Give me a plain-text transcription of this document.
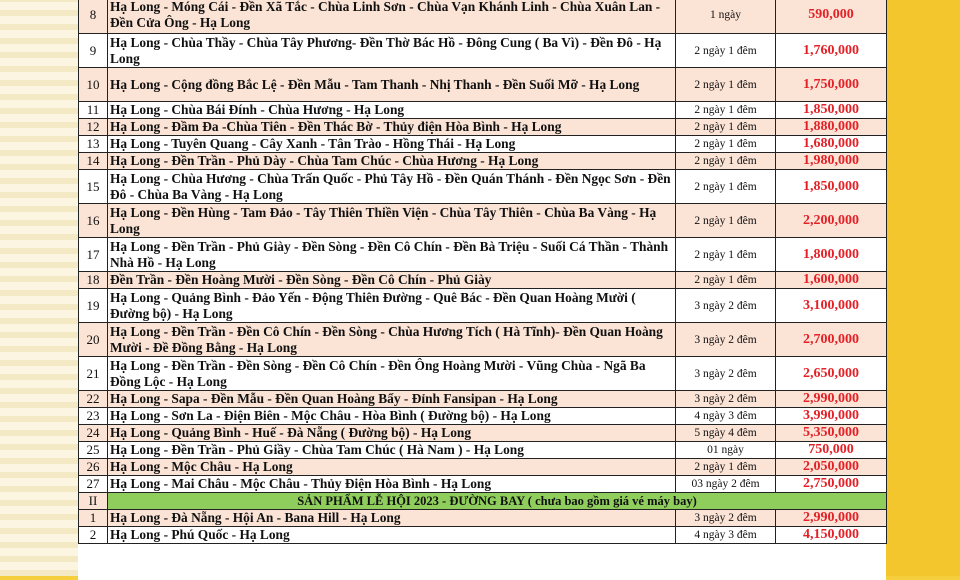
8	Hạ Long - Móng Cái - Đền Xã Tắc - Chùa Linh Sơn - Chùa Vạn Khánh Linh - Chùa Xuân Lan - Đền Cửa Ông - Hạ Long	1 ngày	590,000
9	Hạ Long - Chùa Thầy - Chùa Tây Phương- Đền Thờ Bác Hồ - Đông Cung ( Ba Vì) - Đền Đô - Hạ Long	2 ngày 1 đêm	1,760,000
10	Hạ Long - Cộng đồng Bắc Lệ - Đền Mẫu - Tam Thanh - Nhị Thanh - Đền Suối Mỡ - Hạ Long	2 ngày 1 đêm	1,750,000
11	Hạ Long - Chùa Bái Đính - Chùa Hương - Hạ Long	2 ngày 1 đêm	1,850,000
12	Hạ Long - Đầm Đa -Chùa Tiên - Đền Thác Bờ - Thủy điện Hòa Bình - Hạ Long	2 ngày 1 đêm	1,880,000
13	Hạ Long - Tuyên Quang - Cây Xanh - Tân Trào - Hồng Thái - Hạ Long	2 ngày 1 đêm	1,680,000
14	Hạ Long - Đền Trần - Phủ Dày - Chùa Tam Chúc - Chùa Hương - Hạ Long	2 ngày 1 đêm	1,980,000
15	Hạ Long - Chùa Hương - Chùa Trấn Quốc - Phủ Tây Hồ - Đền Quán Thánh - Đền Ngọc Sơn - Đền Đô - Chùa Ba Vàng - Hạ Long	2 ngày 1 đêm	1,850,000
16	Hạ Long - Đền Hùng - Tam Đảo - Tây Thiên Thiền Viện - Chùa Tây Thiên - Chùa Ba Vàng - Hạ Long	2 ngày 1 đêm	2,200,000
17	Hạ Long - Đền Trần - Phủ Giày - Đền Sòng - Đền Cô Chín - Đền Bà Triệu - Suối Cá Thần - Thành Nhà Hồ - Hạ Long	2 ngày 1 đêm	1,800,000
18	Đền Trần - Đền Hoàng Mười - Đền Sòng - Đền Cô Chín - Phủ Giày	2 ngày 1 đêm	1,600,000
19	Hạ Long - Quảng Bình - Đảo Yến - Động Thiên Đường - Quê Bác - Đền Quan Hoàng Mười ( Đường bộ) - Hạ Long	3 ngày 2 đêm	3,100,000
20	Hạ Long - Đền Trần - Đền Cô Chín - Đền Sòng - Chùa Hương Tích ( Hà Tĩnh)- Đền Quan Hoàng Mười - Đề Đồng Bằng - Hạ Long	3 ngày 2 đêm	2,700,000
21	Hạ Long - Đền Trần - Đền Sòng - Đền Cô Chín - Đền Ông Hoàng Mười - Vũng Chùa - Ngã Ba Đồng Lộc - Hạ Long	3 ngày 2 đêm	2,650,000
22	Hạ Long - Sapa - Đền Mẫu - Đền Quan Hoàng Bẩy - Đỉnh Fansipan - Hạ Long	3 ngày 2 đêm	2,990,000
23	Hạ Long - Sơn La - Điện Biên - Mộc Châu - Hòa Bình ( Đường bộ) - Hạ Long	4 ngày 3 đêm	3,990,000
24	Hạ Long - Quảng Bình - Huế - Đà Nẵng ( Đường bộ) - Hạ Long	5 ngày 4 đêm	5,350,000
25	Hạ Long - Đền Trần - Phủ Giầy - Chùa Tam Chúc ( Hà Nam ) - Hạ Long	01 ngày	750,000
26	Hạ Long - Mộc Châu - Hạ Long	2 ngày 1 đêm	2,050,000
27	Hạ Long - Mai Châu - Mộc Châu - Thủy Điện Hòa Bình - Hạ Long	03 ngày 2 đêm	2,750,000
II	SẢN PHẨM LỄ HỘI 2023 - ĐƯỜNG BAY ( chưa bao gồm giá vé máy bay)		
1	Hạ Long - Đà Nẵng - Hội An - Bana Hill - Hạ Long	3 ngày 2 đêm	2,990,000
2	Hạ Long - Phú Quốc - Hạ Long	4 ngày 3 đêm	4,150,000
